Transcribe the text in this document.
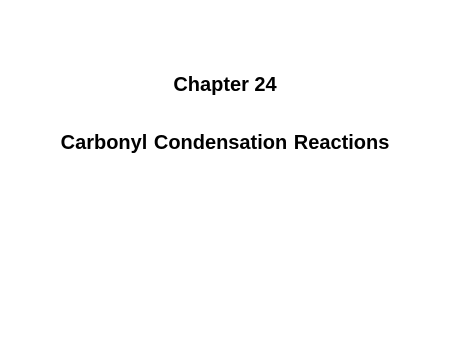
Chapter 24
Carbonyl Condensation Reactions
